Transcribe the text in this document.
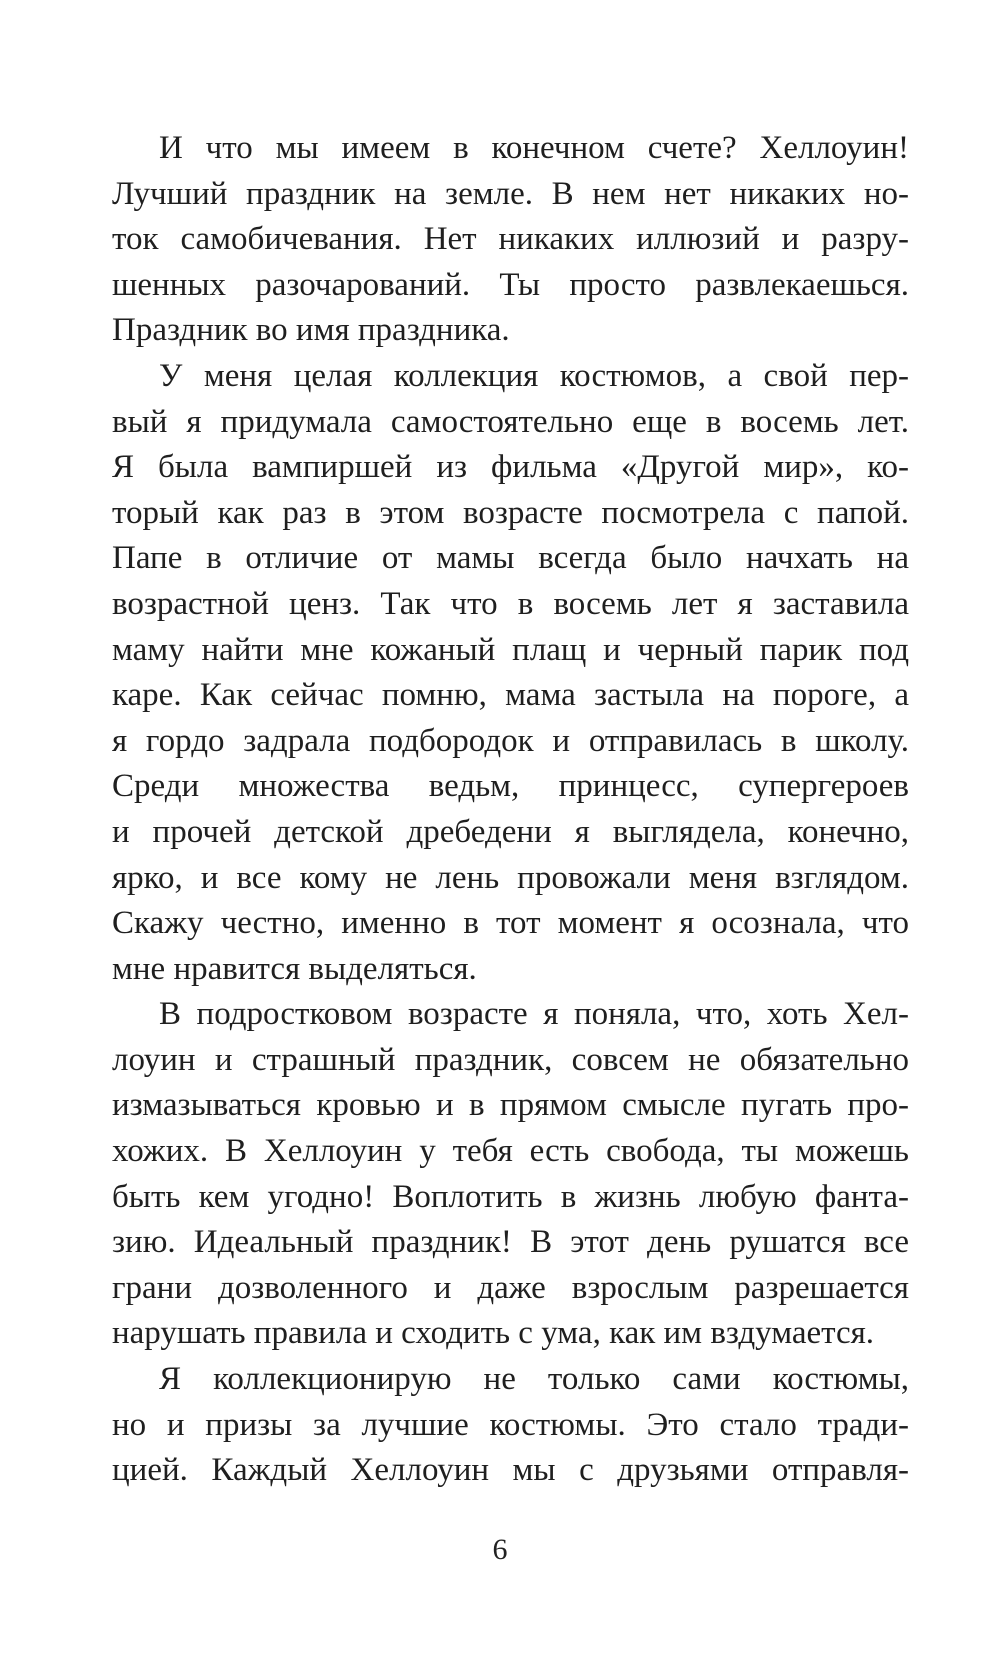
И что мы имеем в конечном счете? Хеллоуин!
Лучший праздник на земле. В нем нет никаких но-
ток самобичевания. Нет никаких иллюзий и разру-
шенных разочарований. Ты просто развлекаешься.
Праздник во имя праздника.
У меня целая коллекция костюмов, а свой пер-
вый я придумала самостоятельно еще в восемь лет.
Я была вампиршей из фильма «Другой мир», ко-
торый как раз в этом возрасте посмотрела с папой.
Папе в отличие от мамы всегда было начхать на
возрастной ценз. Так что в восемь лет я заставила
маму найти мне кожаный плащ и черный парик под
каре. Как сейчас помню, мама застыла на пороге, а
я гордо задрала подбородок и отправилась в школу.
Среди множества ведьм, принцесс, супергероев
и прочей детской дребедени я выглядела, конечно,
ярко, и все кому не лень провожали меня взглядом.
Скажу честно, именно в тот момент я осознала, что
мне нравится выделяться.
В подростковом возрасте я поняла, что, хоть Хел-
лоуин и страшный праздник, совсем не обязательно
измазываться кровью и в прямом смысле пугать про-
хожих. В Хеллоуин у тебя есть свобода, ты можешь
быть кем угодно! Воплотить в жизнь любую фанта-
зию. Идеальный праздник! В этот день рушатся все
грани дозволенного и даже взрослым разрешается
нарушать правила и сходить с ума, как им вздумается.
Я коллекционирую не только сами костюмы,
но и призы за лучшие костюмы. Это стало тради-
цией. Каждый Хеллоуин мы с друзьями отправля-
6
